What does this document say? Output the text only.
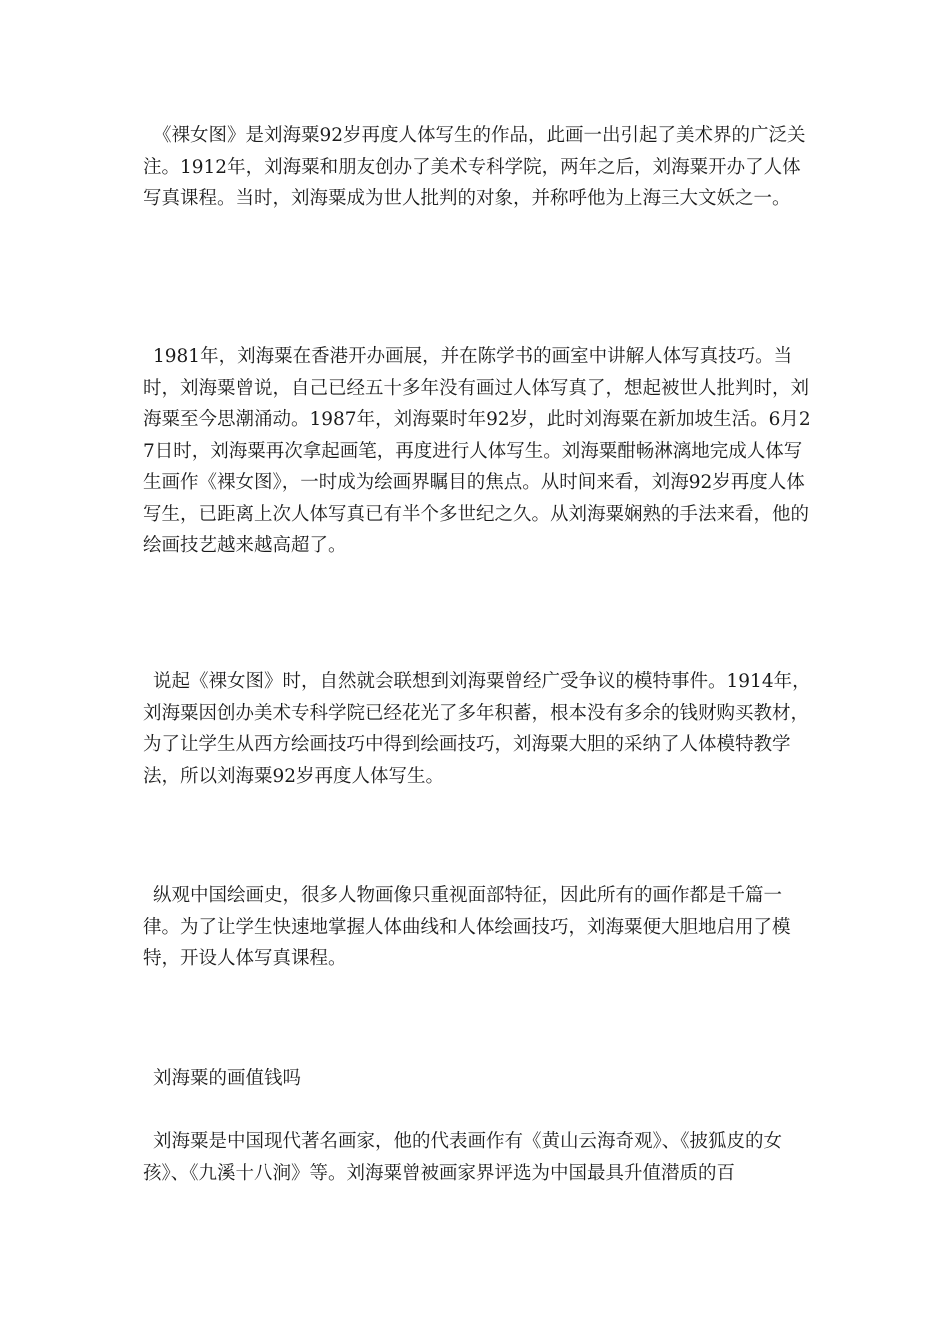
《裸女图》是刘海粟92岁再度人体写生的作品，此画一出引起了美术界的广泛关注。1912年，刘海粟和朋友创办了美术专科学院，两年之后，刘海粟开办了人体写真课程。当时，刘海粟成为世人批判的对象，并称呼他为上海三大文妖之一。

1981年，刘海粟在香港开办画展，并在陈学书的画室中讲解人体写真技巧。当时，刘海粟曾说，自己已经五十多年没有画过人体写真了，想起被世人批判时，刘海粟至今思潮涌动。1987年，刘海粟时年92岁，此时刘海粟在新加坡生活。6月27日时，刘海粟再次拿起画笔，再度进行人体写生。刘海粟酣畅淋漓地完成人体写生画作《裸女图》，一时成为绘画界瞩目的焦点。从时间来看，刘海92岁再度人体写生，已距离上次人体写真已有半个多世纪之久。从刘海粟娴熟的手法来看，他的绘画技艺越来越高超了。

说起《裸女图》时，自然就会联想到刘海粟曾经广受争议的模特事件。1914年，刘海粟因创办美术专科学院已经花光了多年积蓄，根本没有多余的钱财购买教材，为了让学生从西方绘画技巧中得到绘画技巧，刘海粟大胆的采纳了人体模特教学法，所以刘海粟92岁再度人体写生。

纵观中国绘画史，很多人物画像只重视面部特征，因此所有的画作都是千篇一律。为了让学生快速地掌握人体曲线和人体绘画技巧，刘海粟便大胆地启用了模特，开设人体写真课程。

刘海粟的画值钱吗

刘海粟是中国现代著名画家，他的代表画作有《黄山云海奇观》、《披狐皮的女孩》、《九溪十八涧》等。刘海粟曾被画家界评选为中国最具升值潜质的百
